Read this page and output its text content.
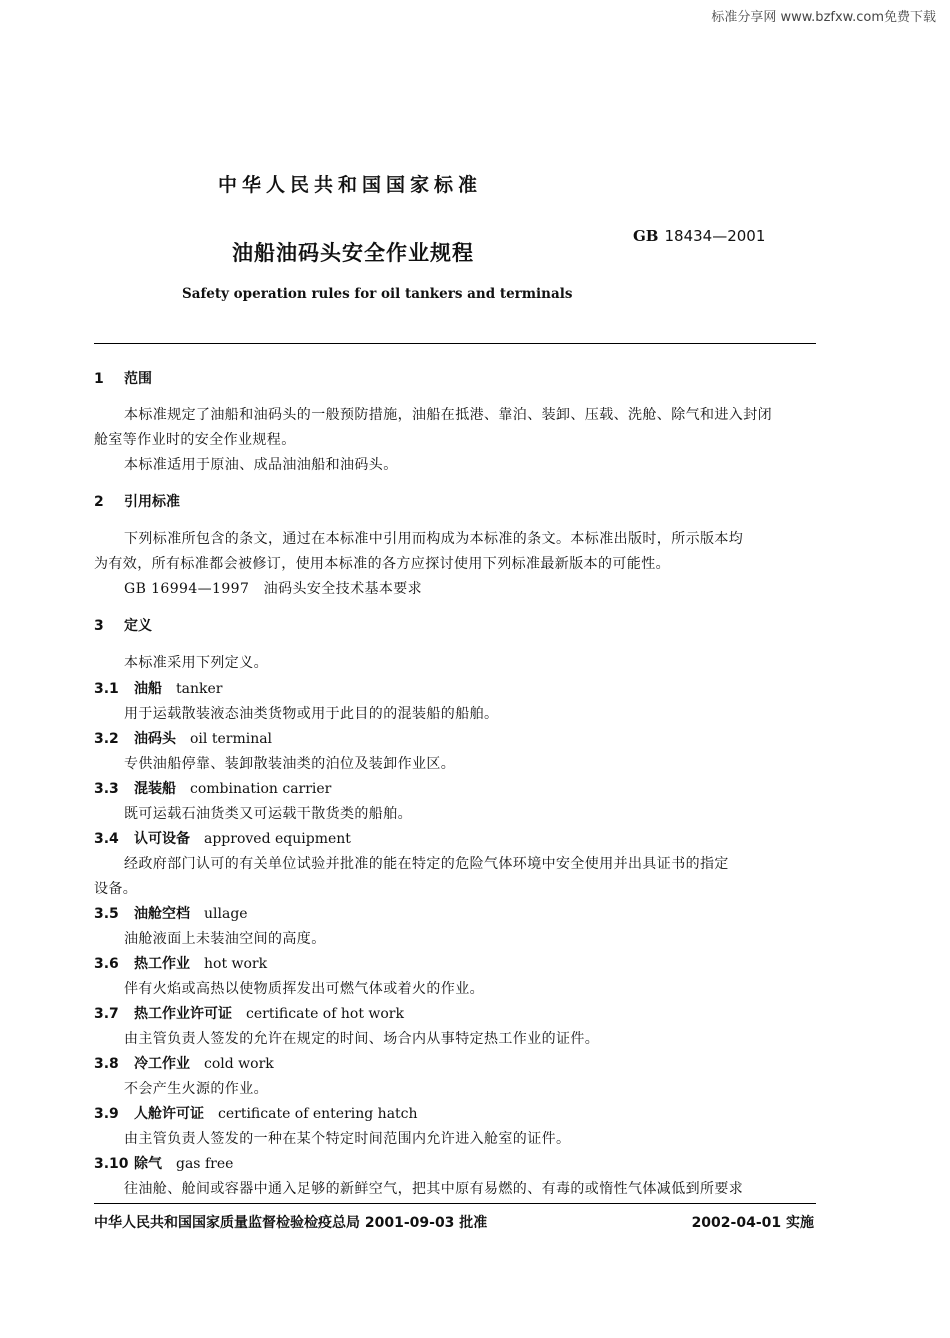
标准分享网 www.bzfxw.com免费下载
中华人民共和国国家标准
GB 18434—2001
油船油码头安全作业规程
Safety operation rules for oil tankers and terminals
1 范围
本标准规定了油船和油码头的一般预防措施，油船在抵港、靠泊、装卸、压载、洗舱、除气和进入封闭
舱室等作业时的安全作业规程。
本标准适用于原油、成品油油船和油码头。
2 引用标准
下列标准所包含的条文，通过在本标准中引用而构成为本标准的条文。本标准出版时，所示版本均
为有效，所有标准都会被修订，使用本标准的各方应探讨使用下列标准最新版本的可能性。
GB 16994—1997　油码头安全技术基本要求
3 定义
本标准采用下列定义。
3.1 油船 tanker
用于运载散装液态油类货物或用于此目的的混装船的船舶。
3.2 油码头 oil terminal
专供油船停靠、装卸散装油类的泊位及装卸作业区。
3.3 混装船 combination carrier
既可运载石油货类又可运载干散货类的船舶。
3.4 认可设备 approved equipment
经政府部门认可的有关单位试验并批准的能在特定的危险气体环境中安全使用并出具证书的指定
设备。
3.5 油舱空档 ullage
油舱液面上未装油空间的高度。
3.6 热工作业 hot work
伴有火焰或高热以使物质挥发出可燃气体或着火的作业。
3.7 热工作业许可证 certificate of hot work
由主管负责人签发的允许在规定的时间、场合内从事特定热工作业的证件。
3.8 冷工作业 cold work
不会产生火源的作业。
3.9 人舱许可证 certificate of entering hatch
由主管负责人签发的一种在某个特定时间范围内允许进入舱室的证件。
3.10 除气 gas free
往油舱、舱间或容器中通入足够的新鲜空气，把其中原有易燃的、有毒的或惰性气体减低到所要求
中华人民共和国国家质量监督检验检疫总局 2001-09-03 批准	2002-04-01 实施
